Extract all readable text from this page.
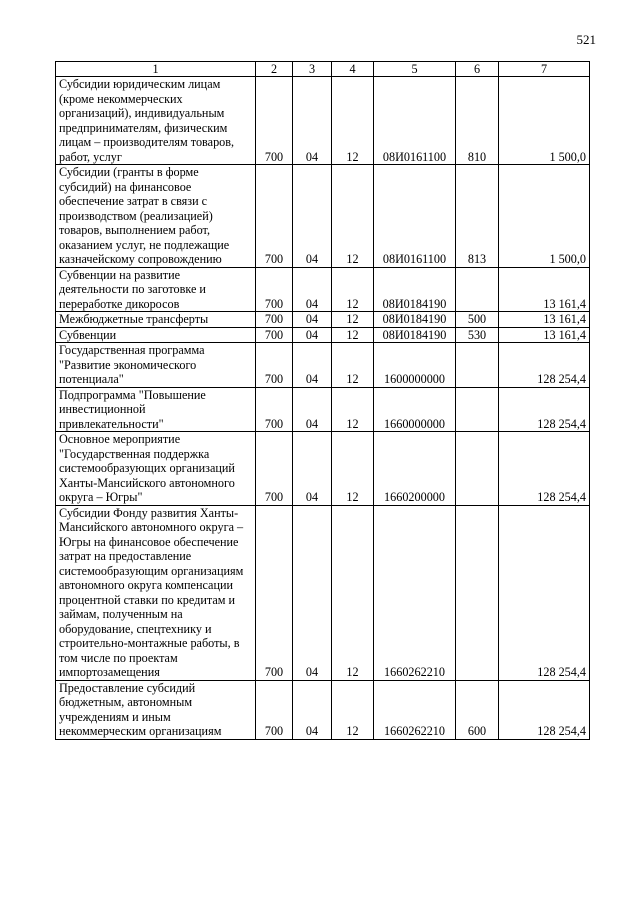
521
1	2	3	4	5	6	7
Субсидии юридическим лицам (кроме некоммерческих организаций), индивидуальным предпринимателям, физическим лицам – производителям товаров, работ, услуг	700	04	12	08И0161100	810	1 500,0
Субсидии (гранты в форме субсидий) на финансовое обеспечение затрат в связи с производством (реализацией) товаров, выполнением работ, оказанием услуг, не подлежащие казначейскому сопровождению	700	04	12	08И0161100	813	1 500,0
Субвенции на развитие деятельности по заготовке и переработке дикоросов	700	04	12	08И0184190		13 161,4
Межбюджетные трансферты	700	04	12	08И0184190	500	13 161,4
Субвенции	700	04	12	08И0184190	530	13 161,4
Государственная программа "Развитие экономического потенциала"	700	04	12	1600000000		128 254,4
Подпрограмма "Повышение инвестиционной привлекательности"	700	04	12	1660000000		128 254,4
Основное мероприятие "Государственная поддержка системообразующих организаций Ханты-Мансийского автономного округа – Югры"	700	04	12	1660200000		128 254,4
Субсидии Фонду развития Ханты-Мансийского автономного округа – Югры на финансовое обеспечение затрат на предоставление системообразующим организациям автономного округа компенсации процентной ставки по кредитам и займам, полученным на оборудование, спецтехнику и строительно-монтажные работы, в том числе по проектам импортозамещения	700	04	12	1660262210		128 254,4
Предоставление субсидий бюджетным, автономным учреждениям и иным некоммерческим организациям	700	04	12	1660262210	600	128 254,4
